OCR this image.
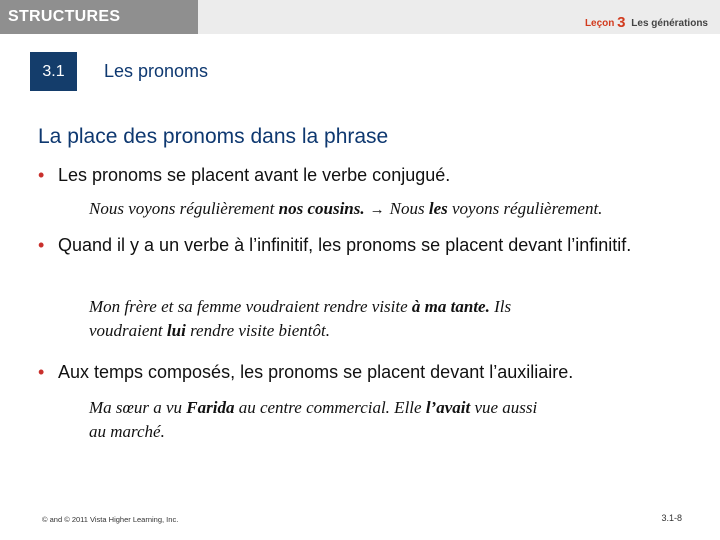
STRUCTURES	Leçon 3 Les générations
3.1	Les pronoms
La place des pronoms dans la phrase
• Les pronoms se placent avant le verbe conjugué.
Nous voyons régulièrement nos cousins. → Nous les voyons régulièrement.
• Quand il y a un verbe à l’infinitif, les pronoms se placent devant l’infinitif.
Mon frère et sa femme voudraient rendre visite à ma tante. Ils
voudraient lui rendre visite bientôt.
• Aux temps composés, les pronoms se placent devant l’auxiliaire.
Ma sœur a vu Farida au centre commercial. Elle l’avait vue aussi
au marché.
© and © 2011 Vista Higher Learning, Inc.	3.1-8
